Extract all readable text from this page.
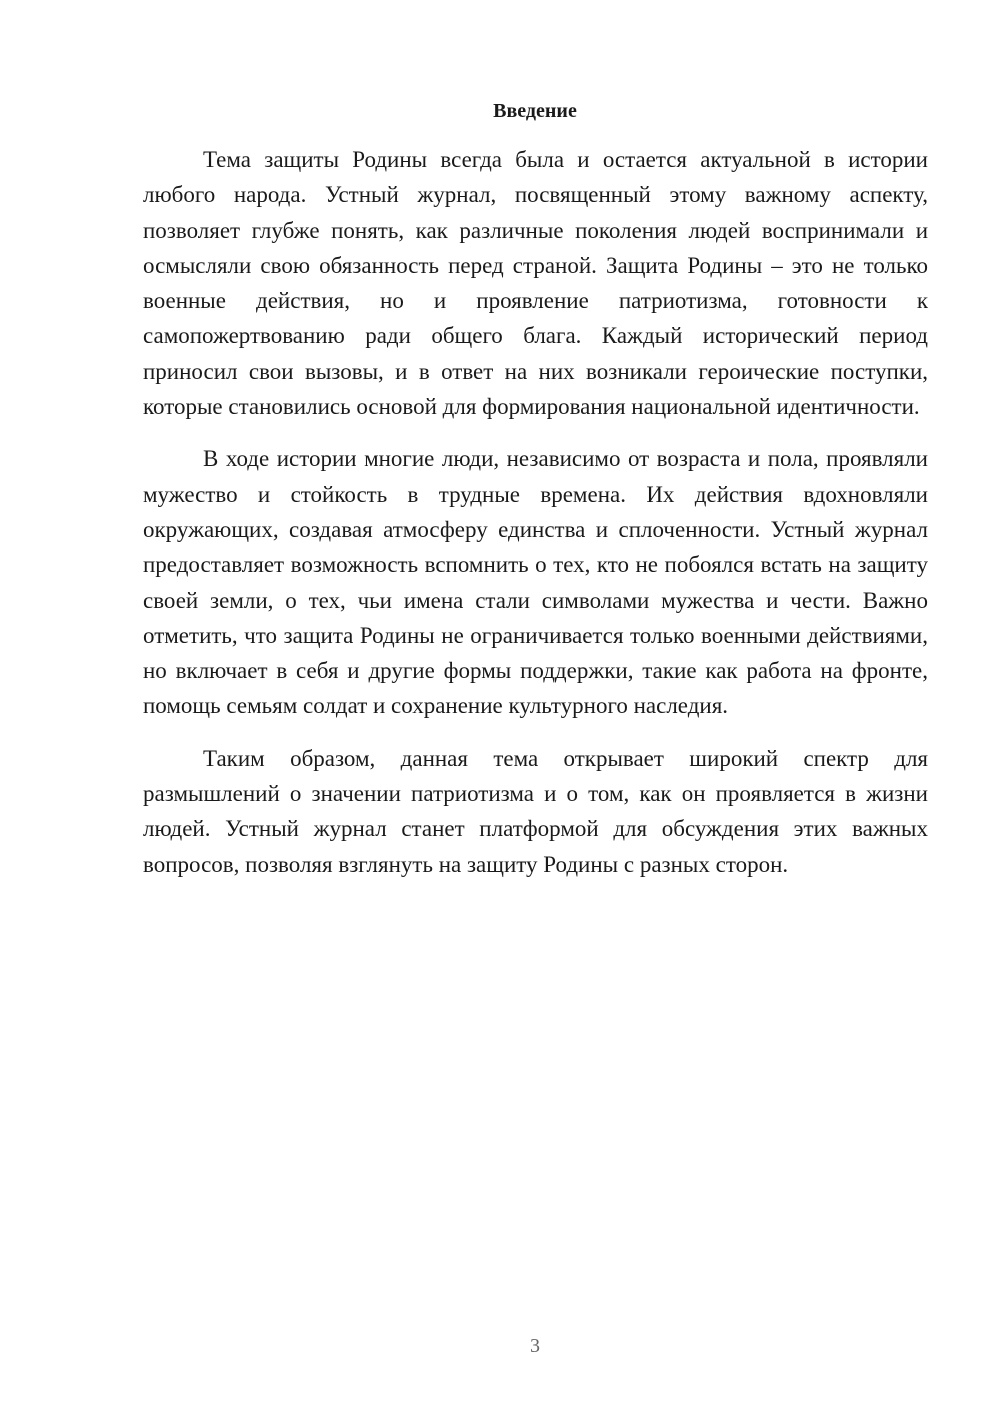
Введение

Тема защиты Родины всегда была и остается актуальной в истории любого народа. Устный журнал, посвященный этому важному аспекту, позволяет глубже понять, как различные поколения людей воспринимали и осмысляли свою обязанность перед страной. Защита Родины – это не только военные действия, но и проявление патриотизма, готовности к самопожертвованию ради общего блага. Каждый исторический период приносил свои вызовы, и в ответ на них возникали героические поступки, которые становились основой для формирования национальной идентичности.

В ходе истории многие люди, независимо от возраста и пола, проявляли мужество и стойкость в трудные времена. Их действия вдохновляли окружающих, создавая атмосферу единства и сплоченности. Устный журнал предоставляет возможность вспомнить о тех, кто не побоялся встать на защиту своей земли, о тех, чьи имена стали символами мужества и чести. Важно отметить, что защита Родины не ограничивается только военными действиями, но включает в себя и другие формы поддержки, такие как работа на фронте, помощь семьям солдат и сохранение культурного наследия.

Таким образом, данная тема открывает широкий спектр для размышлений о значении патриотизма и о том, как он проявляется в жизни людей. Устный журнал станет платформой для обсуждения этих важных вопросов, позволяя взглянуть на защиту Родины с разных сторон.

3
